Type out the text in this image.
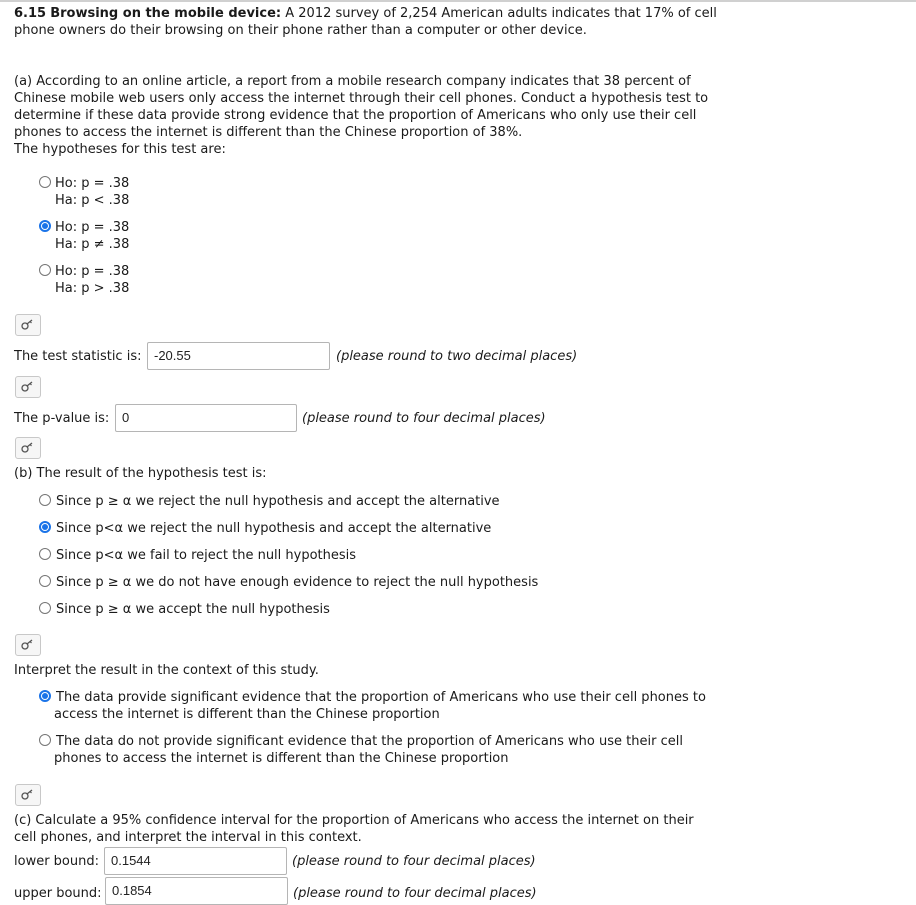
6.15 Browsing on the mobile device: A 2012 survey of 2,254 American adults indicates that 17% of cell
phone owners do their browsing on their phone rather than a computer or other device.
(a) According to an online article, a report from a mobile research company indicates that 38 percent of
Chinese mobile web users only access the internet through their cell phones. Conduct a hypothesis test to
determine if these data provide strong evidence that the proportion of Americans who only use their cell
phones to access the internet is different than the Chinese proportion of 38%.
The hypotheses for this test are:
Ho: p = .38
Ha: p < .38
Ho: p = .38
Ha: p ≠ .38
Ho: p = .38
Ha: p > .38
The test statistic is: -20.55	(please round to two decimal places)
The p-value is: 0	(please round to four decimal places)
(b) The result of the hypothesis test is:
Since p ≥ α we reject the null hypothesis and accept the alternative
Since p<α we reject the null hypothesis and accept the alternative
Since p<α we fail to reject the null hypothesis
Since p ≥ α we do not have enough evidence to reject the null hypothesis
Since p ≥ α we accept the null hypothesis
Interpret the result in the context of this study.
The data provide significant evidence that the proportion of Americans who use their cell phones to
access the internet is different than the Chinese proportion
The data do not provide significant evidence that the proportion of Americans who use their cell
phones to access the internet is different than the Chinese proportion
(c) Calculate a 95% confidence interval for the proportion of Americans who access the internet on their
cell phones, and interpret the interval in this context.
lower bound: 0.1544	(please round to four decimal places)
upper bound: 0.1854	(please round to four decimal places)
